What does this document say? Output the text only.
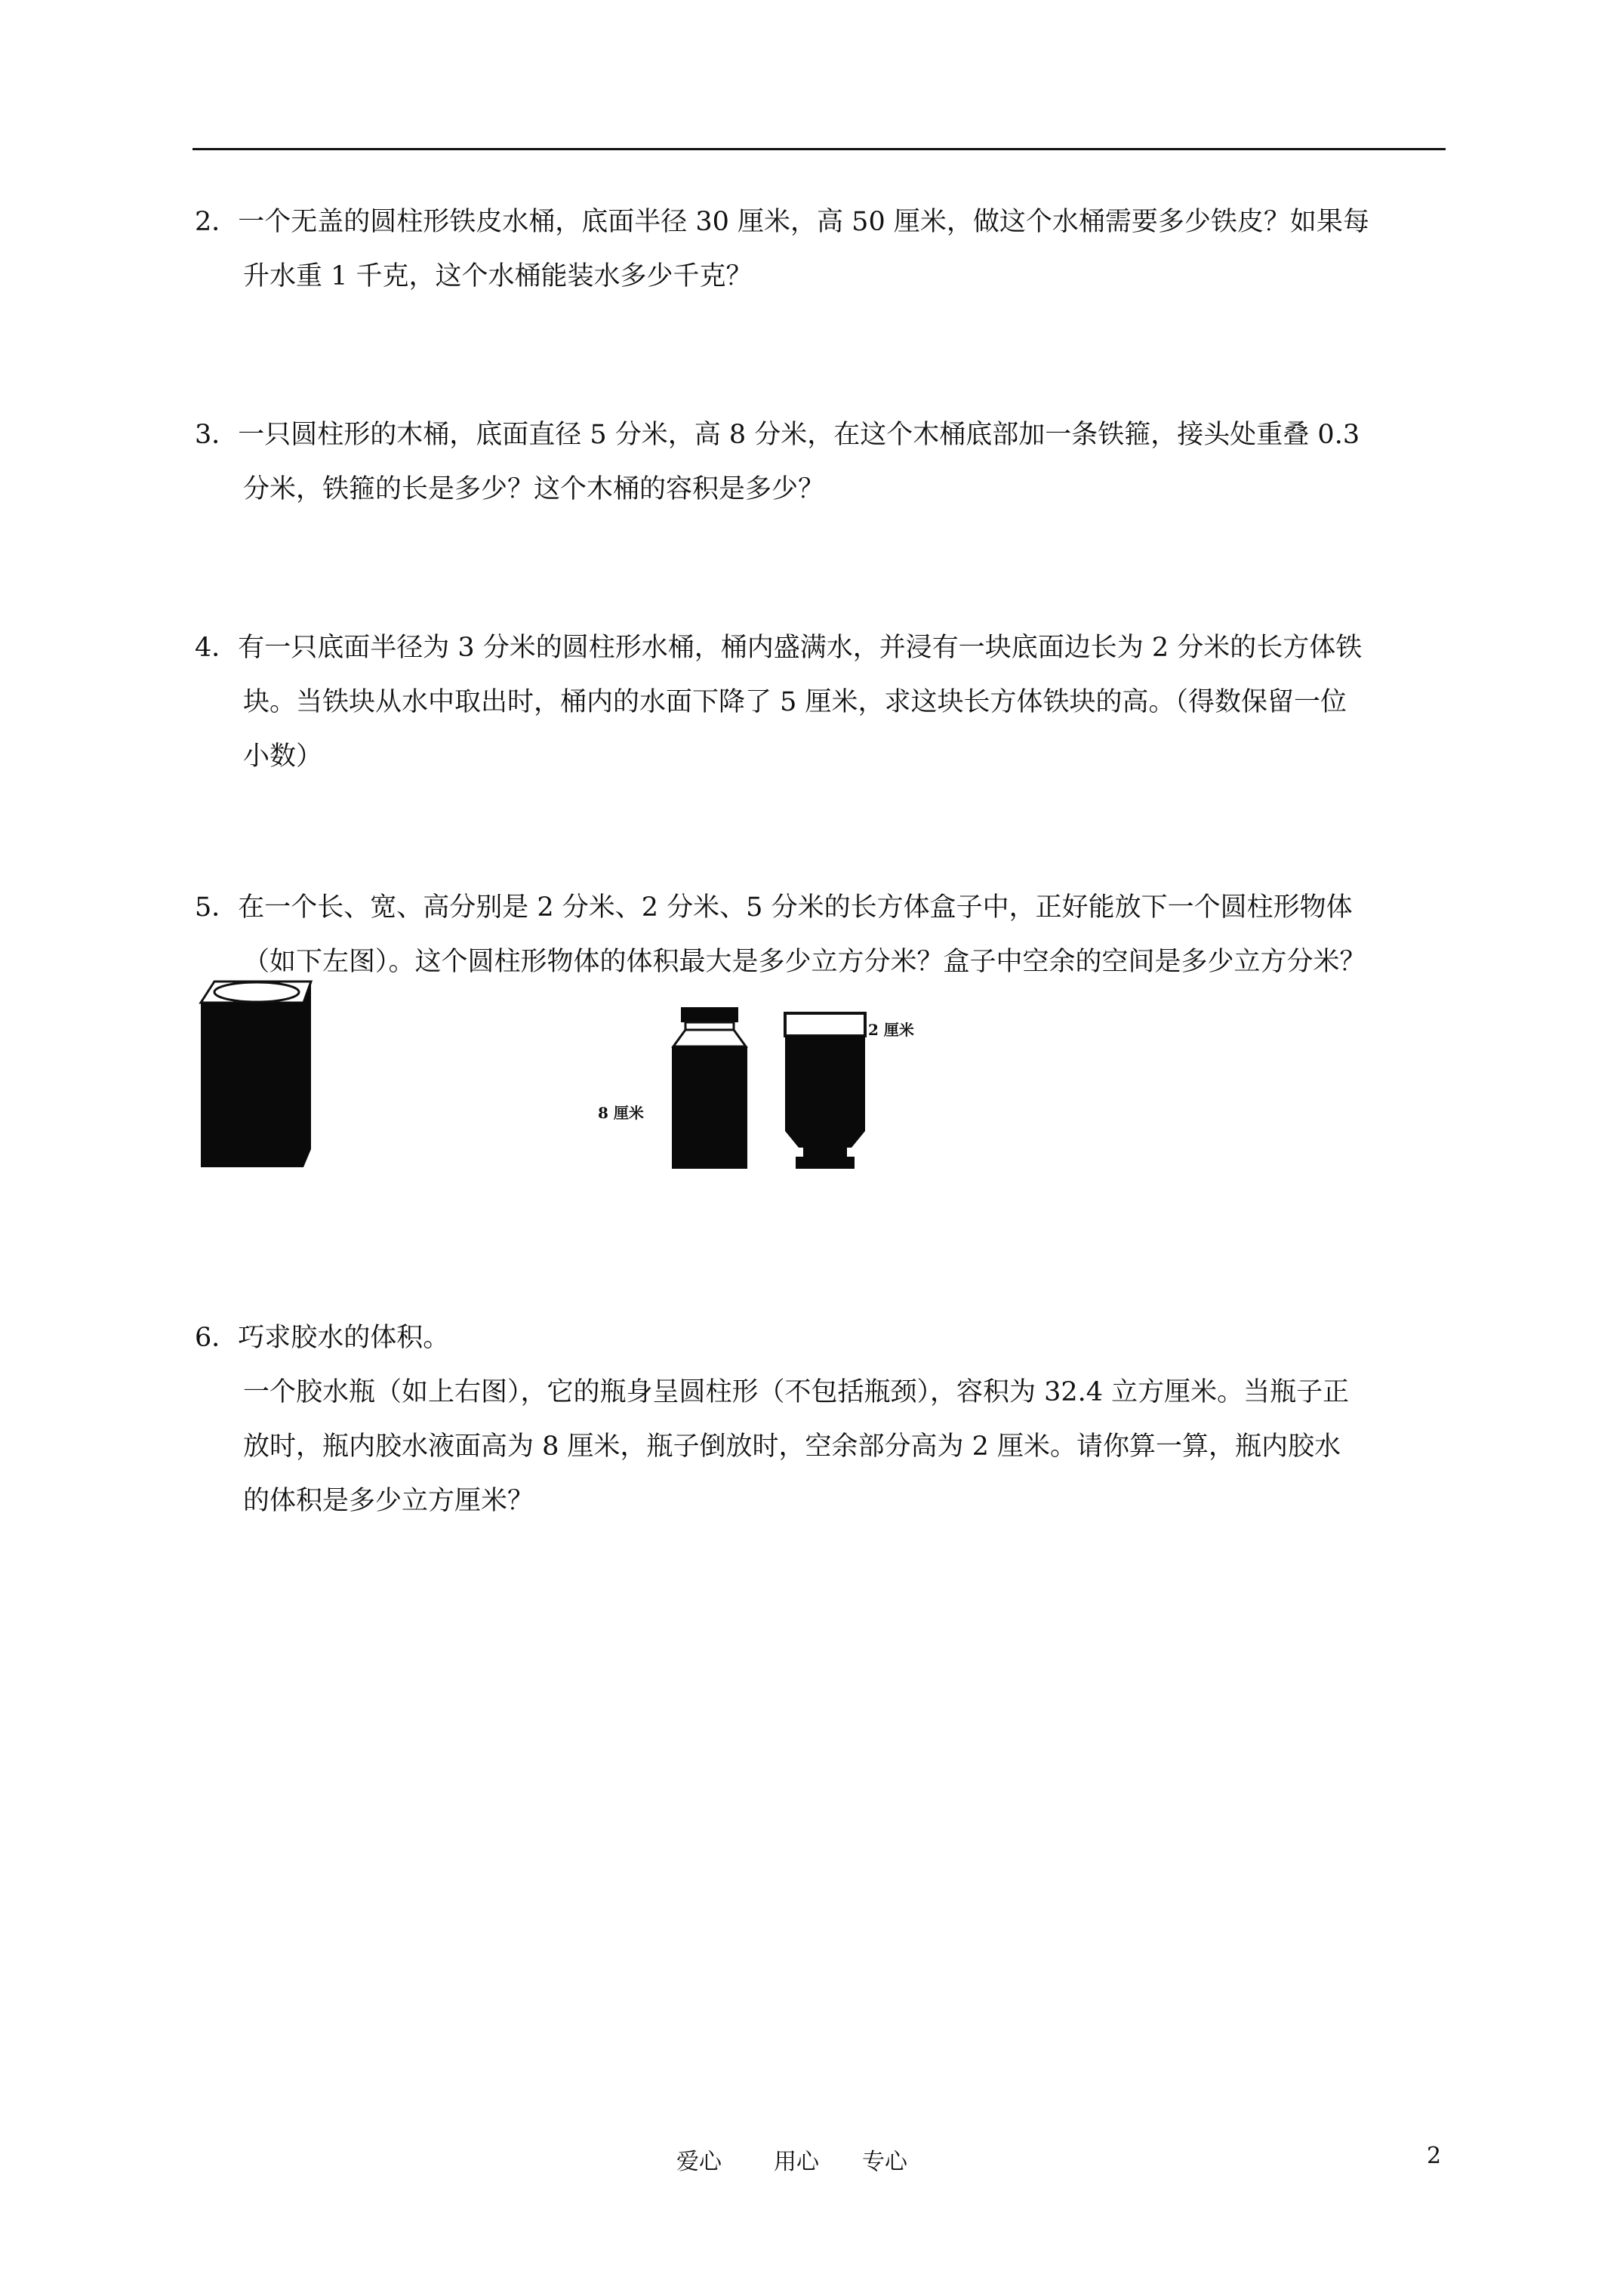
2．一个无盖的圆柱形铁皮水桶，底面半径 30 厘米，高 50 厘米，做这个水桶需要多少铁皮？如果每
升水重 1 千克，这个水桶能装水多少千克？
3．一只圆柱形的木桶，底面直径 5 分米，高 8 分米，在这个木桶底部加一条铁箍，接头处重叠 0.3
分米，铁箍的长是多少？这个木桶的容积是多少？
4．有一只底面半径为 3 分米的圆柱形水桶，桶内盛满水，并浸有一块底面边长为 2 分米的长方体铁
块。当铁块从水中取出时，桶内的水面下降了 5 厘米，求这块长方体铁块的高。（得数保留一位
小数）
5．在一个长、宽、高分别是 2 分米、2 分米、5 分米的长方体盒子中，正好能放下一个圆柱形物体
（如下左图）。这个圆柱形物体的体积最大是多少立方分米？盒子中空余的空间是多少立方分米？
8 厘米
2 厘米
6．巧求胶水的体积。
一个胶水瓶（如上右图），它的瓶身呈圆柱形（不包括瓶颈），容积为 32.4 立方厘米。当瓶子正
放时，瓶内胶水液面高为 8 厘米，瓶子倒放时，空余部分高为 2 厘米。请你算一算，瓶内胶水
的体积是多少立方厘米？
爱心 用心 专心	2
